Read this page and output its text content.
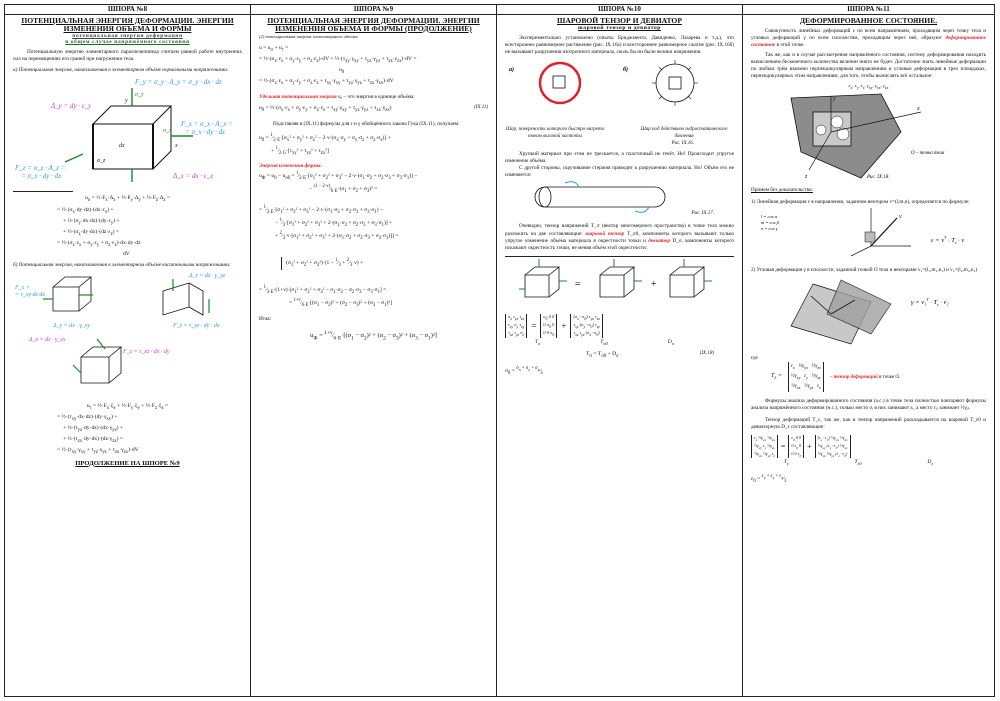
ШПОРА №8

ПОТЕНЦИАЛЬНАЯ ЭНЕРГИЯ ДЕФОРМАЦИИ. ЭНЕРГИИ ИЗМЕНЕНИЯ ОБЪЕМА И ФОРМЫ

потенциальная энергия деформации

в общем случае напряжённого состояния

Потенциальную энергию элементарного параллелепипеда считаем равной работе внутренних сил на перемещениях его граней при нагружении тела.

а) Потенциальная энергия, накапливаемая в элементарном объёме нормальными напряжениями:

F_y = σ_y · A_y = σ_y · dx · dz
F_x = σ_x · A_x =
= σ_x · dy · dz
F_z = σ_z · A_z =
= σ_x · dy · dx
Δ_y = dy · ε_y
Δ_x = dx · ε_x
y
x
dx
σ_z
σ_y
σ_x
$u_\sigma$ = $\frac{1}{2}\cdot F_x\cdot\Delta_x$ + $\frac{1}{2}\cdot F_y\cdot\Delta_y$ + $\frac{1}{2}\cdot F_z\cdot\Delta_z$ =
= $\frac{1}{2}\cdot(\sigma_x\cdot dy\cdot dz)\cdot(dx\cdot\varepsilon_x)$ +
+ $\frac{1}{2}\cdot(\sigma_y\cdot dx\cdot dz)\cdot(dy\cdot\varepsilon_y)$ +
+ $\frac{1}{2}\cdot(\sigma_z\cdot dy\cdot dx)\cdot(dz\cdot\varepsilon_z)$ =
= $\frac{1}{2}\cdot(\sigma_x\cdot\varepsilon_x + \sigma_y\cdot\varepsilon_y + \sigma_z\cdot\varepsilon_z)\cdot dx\cdot dy\cdot dz$
dV

б) Потенциальная энергия, накапливаемая в элементарном объёме касательными напряжениями:

F_x =
= τ_xy·dz·dx
Δ_y = dx · γ_xy
Δ_z = dz · γ_yz
F_z = τ_yz · dy · dx
Δ_x = dz · γ_zx
F_z = τ_xz · dx · dy
$u_\tau$ = $\frac{1}{2}\cdot F_x\cdot\xi_x$ + $\frac{1}{2}\cdot F_y\cdot\xi_y$ + $\frac{1}{2}\cdot F_z\cdot\xi_z$ =
= $\frac{1}{2}\cdot(\tau_{xy}\cdot dx\cdot dz)\cdot(dy\cdot\gamma_{xy})$ +
+ $\frac{1}{2}\cdot(\tau_{yz}\cdot dy\cdot dz)\cdot(dx\cdot\gamma_{yz})$ +
+ $\frac{1}{2}\cdot(\tau_{zx}\cdot dy\cdot dx)\cdot(dz\cdot\gamma_{zx})$ =
= $\frac{1}{2}\cdot(\tau_{xy}\cdot\gamma_{xy} + \tau_{yz}\cdot\gamma_{yz} + \tau_{zx}\cdot\gamma_{zx})\cdot dV$
ПРОДОЛЖЕНИЕ НА ШПОРЕ №9
ШПОРА №9

ПОТЕНЦИАЛЬНАЯ ЭНЕРГИЯ ДЕФОРМАЦИИ. ЭНЕРГИИ ИЗМЕНЕНИЯ ОБЪЕМА И ФОРМЫ (ПРОДОЛЖЕНИЕ)

(2) потенциальная энергия элементарного объёма

$u = u_\sigma + u_\tau$ =
= $\frac{1}{2}\cdot(\sigma_x\cdot\varepsilon_x + \sigma_y\cdot\varepsilon_y + \sigma_z\cdot\varepsilon_z)\cdot dV$ + $\frac{1}{2}\cdot(\tau_{xy}\cdot\gamma_{xy} + \tau_{yz}\cdot\gamma_{yz} + \tau_{zx}\cdot\gamma_{zx})\cdot dV$ =
$u_0$
= $\frac{1}{2}\cdot(\sigma_x\cdot\varepsilon_x + \sigma_y\cdot\varepsilon_y + \sigma_z\cdot\varepsilon_z + \tau_{xy}\cdot\gamma_{xy} + \tau_{yz}\cdot\gamma_{yz} + \tau_{zx}\cdot\gamma_{zx})\cdot dV$

Удельная потенциальная энергия u₀ – это энергия в единице объёма:

$u_0$ = $\frac{1}{2}\cdot(\sigma_x\cdot\varepsilon_x + \sigma_y\cdot\varepsilon_y + \sigma_z\cdot\varepsilon_z + \tau_{xy}\cdot\gamma_{xy} + \tau_{yz}\cdot\gamma_{yz} + \tau_{zx}\cdot\gamma_{zx})$	(IX.11)

Подставляя в (IX.11) формулы для ε и γ обобщённого закона Гука (IX.11), получаем:

$u_0$ = $^1⁄_{2\cdot E}\cdot[\sigma_x^2 + \sigma_y^2 + \sigma_z^2 - 2\cdot\nu\cdot(\sigma_x\cdot\sigma_y + \sigma_y\cdot\sigma_z + \sigma_z\cdot\sigma_x)]$ +
+ $^1⁄_{2\cdot G}\cdot[\tau_{xy}^2 + \tau_{yz}^2 + \tau_{zx}^2]$

Энергия изменения формы:

$u_Ф = u_0 - u_{об}$ = $^1⁄_{2\cdot E}\cdot[\sigma_1^2 + \sigma_2^2 + \sigma_3^2 - 2\cdot\nu\cdot(\sigma_1\cdot\sigma_2 + \sigma_2\cdot\sigma_3 + \sigma_3\cdot\sigma_1)]$ −
− $^{(1 - 2\cdot\nu)}⁄_{6\cdot E}\cdot(\sigma_1 + \sigma_2 + \sigma_3)^2$ =
= $^1⁄_{2\cdot E}\cdot[\sigma_1^2 + \sigma_2^2 + \sigma_3^2 - 2\cdot\nu\cdot(\sigma_1\cdot\sigma_2 + \sigma_2\cdot\sigma_3 + \sigma_3\cdot\sigma_1)$ −
− $^1⁄_3\cdot[\sigma_1^2 + \sigma_2^2 + \sigma_3^2 + 2\cdot(\sigma_1\cdot\sigma_2 + \sigma_2\cdot\sigma_3 + \sigma_3\cdot\sigma_1)]$ +
+ $^2⁄_3\cdot\nu\cdot[\sigma_1^2 + \sigma_2^2 + \sigma_3^2 + 2\cdot(\sigma_1\cdot\sigma_2 + \sigma_2\cdot\sigma_3 + \sigma_3\cdot\sigma_1)]$] =
$(\sigma_1^2 + \sigma_2^2 + \sigma_3^2)\cdot(1$ − $^1⁄_3$ + $^2⁄_3\cdot\nu$) +
= $^1⁄_{3\cdot E}\cdot(1+\nu)\cdot[\sigma_1^2 + \sigma_2^2 + \sigma_3^2 - \sigma_1\cdot\sigma_2 - \sigma_2\cdot\sigma_3 - \sigma_3\cdot\sigma_1]$ =
= $^{1+\nu}⁄_{6\cdot E}\cdot[(\sigma_1 - \sigma_2)^2 + (\sigma_2 - \sigma_3)^2 + (\sigma_3 - \sigma_1)^2]$

Итак:

$u_Ф$ = $^{1+\nu}⁄_{6\cdot E}\cdot[(\sigma_1 - \sigma_2)^2 + (\sigma_2 - \sigma_3)^2 + (\sigma_3 - \sigma_1)^2]$
ШПОРА №10

ШАРОВОЙ ТЕНЗОР И ДЕВИАТОР

шаровой тензор и девиатор

Экспериментально установлено (опыты Бриджмента, Давиденко, Лазарева и т.д.), что всестороннее равномерное растяжение (рис. IX.16а) и всестороннее равномерное сжатие (рис. IX.16б) не вызывают разрушения изотропного материала, сколь бы ни были велики напряжения.

а)	б)

Шар, поверхность которого быстро нагрета током высокой частоты

Шар под действием гидростатического давления

Рис. IX.16.

Хрупкий материал при этом не трескается, а пластичный не течёт. Но! Происходит упругое изменение объёма.

С другой стороны, скручивание стержня приводит к разрушению материала. Но! Объём его не изменяется:

Рис. IX.17.

Очевидно, тензор напряжений T_σ (вектор многомерного пространства) в точке тела можно разложить на две составляющие: шаровой тензор T_σ0, компоненты которого вызывают только упругое изменение объёма материала в окрестности точки и девиатор D_σ, компоненты которого искажают окрестность точки, не меняя объём этой окрестности:

=	+
$\sigma_x$ $\tau_{yx}$ $\tau_{zx}$
$\tau_{xy}$ $\sigma_y$ $\tau_{zy}$
$\tau_{xz}$ $\tau_{yz}$ $\sigma_z$
=
$\sigma_0$ 0 0
0 $\sigma_0$ 0
0 0 $\sigma_0$
+
$(\sigma_x-\sigma_0)$ $\tau_{yx}$ $\tau_{zx}$
$\tau_{xy}$ $(\sigma_y-\sigma_0)$ $\tau_{zy}$
$\tau_{xz}$ $\tau_{yz}$ $(\sigma_z-\sigma_0)$
$T_\sigma$	$T_{\sigma 0}$	$D_\sigma$
$T_\sigma = T_{\sigma 0} + D_\sigma$
(IX.18)
$\sigma_0$ = $^{\sigma_x + \sigma_y + \sigma_z}⁄_3$
ШПОРА №11

ДЕФОРМИРОВАННОЕ СОСТОЯНИЕ.

Совокупность линейных деформаций ε по всем направлениям, проходящим через точку тела и угловых деформаций γ по всем плоскостям, проходящим через неё, образуют деформированное состояние в этой точке.

Так же, как и в случае рассмотрения напряжённого состояния, систему деформирования находить вычислением бесконечного количества величин никто не будет. Достаточно знать линейные деформации по любым трём взаимно перпендикулярным направлениям и угловые деформации в трех площадках, перпендикулярных этим направлениям, для того, чтобы вычислять всё остальное:

$\varepsilon_x$, $\varepsilon_y$, $\varepsilon_z$, $\gamma_{xy}$, $\gamma_{yz}$, $\gamma_{zx}$
y
x
z
O – точка тела
Рис. IX.18.

Примем без доказательства:

1) Линейная деформация ε в направлении, заданном вектором v=(l,m,n), определяется по формуле:

v
l = cos α
m = cos β
n = cos γ
$\varepsilon = v^T \cdot T_\varepsilon \cdot v$

2) Угловая деформация γ в плоскости, заданной точкой O тела и векторами v₁=(l₁,m₁,n₁) и v₂=(l₂,m₂,n₂)

$\gamma = v_1^T \cdot T_\varepsilon \cdot v_2$

где

$T_\varepsilon$ =
$\varepsilon_x$   $\frac{1}{2}\gamma_{yx}$   $\frac{1}{2}\gamma_{zx}$
$\frac{1}{2}\gamma_{xy}$   $\varepsilon_y$   $\frac{1}{2}\gamma_{zy}$
$\frac{1}{2}\gamma_{xz}$   $\frac{1}{2}\gamma_{yz}$   $\varepsilon_z$
– тензор деформаций в точке O.

Формулы анализа деформированного состояния (а.с.) в точке тела полностью повторяют формулы анализа напряжённого состояния (н.с.), только место σᵢ в них занимают εᵢ, а место τᵢⱼ занимает ½γᵢⱼ.

Тензор деформаций T_ε, так же, как и тензор напряжений раскладывается на шаровой T_ε0 и девиаторную D_ε составляющие:

$\varepsilon_x$ $\frac{1}{2}\gamma_{yx}$ $\frac{1}{2}\gamma_{zx}$
$\frac{1}{2}\gamma_{xy}$ $\varepsilon_y$ $\frac{1}{2}\gamma_{zy}$
$\frac{1}{2}\gamma_{xz}$ $\frac{1}{2}\gamma_{yz}$ $\varepsilon_z$
=
$\varepsilon_0$ 0 0
0 $\varepsilon_0$ 0
0 0 $\varepsilon_0$
+
$(\varepsilon_x-\varepsilon_0)$ $\frac{1}{2}\gamma_{yx}$ $\frac{1}{2}\gamma_{zx}$
$\frac{1}{2}\gamma_{xy}$ $(\varepsilon_y-\varepsilon_0)$ $\frac{1}{2}\gamma_{zy}$
$\frac{1}{2}\gamma_{xz}$ $\frac{1}{2}\gamma_{yz}$ $(\varepsilon_z-\varepsilon_0)$
$T_\varepsilon$	$T_{\varepsilon 0}$	$D_\varepsilon$
$\varepsilon_0$ = $^{\varepsilon_x + \varepsilon_y + \varepsilon_z}⁄_3$
